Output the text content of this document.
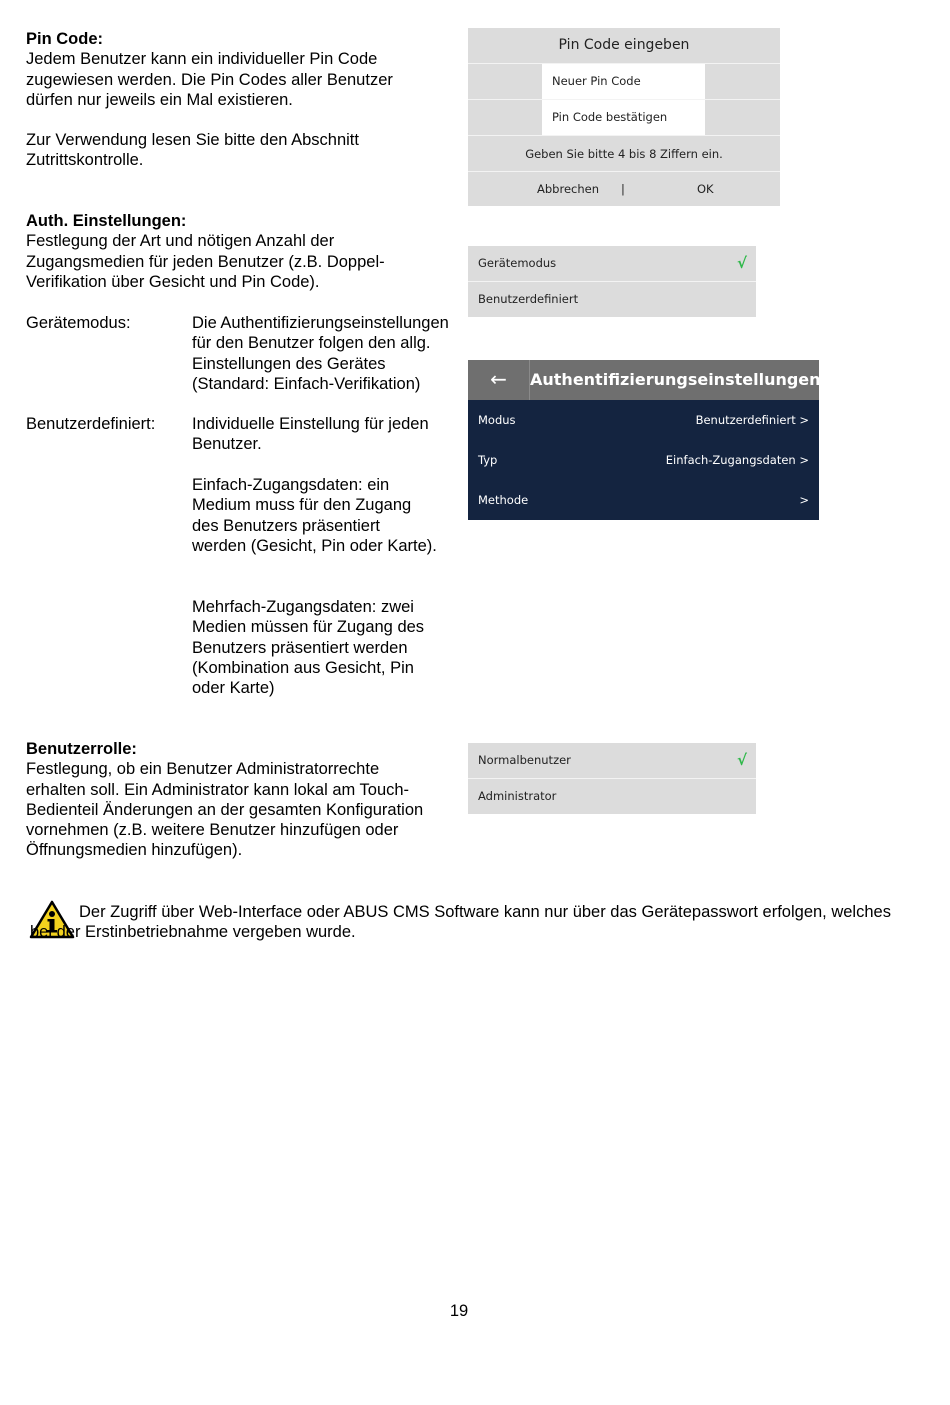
Pin Code:

Jedem Benutzer kann ein individueller Pin Code zugewiesen werden. Die Pin Codes aller Benutzer dürfen nur jeweils ein Mal existieren.

Zur Verwendung lesen Sie bitte den Abschnitt Zutrittskontrolle.

Pin Code eingeben
Neuer Pin Code
Pin Code bestätigen
Geben Sie bitte 4 bis 8 Ziffern ein.
Abbrechen |	OK

Auth. Einstellungen:

Festlegung der Art und nötigen Anzahl der Zugangsmedien für jeden Benutzer (z.B. Doppel-Verifikation über Gesicht und Pin Code).

Gerätemodus:	Die Authentifizierungseinstellungen für den Benutzer folgen den allg. Einstellungen des Gerätes (Standard: Einfach-Verifikation)
Benutzerdefiniert:	Individuelle Einstellung für jeden Benutzer.
Einfach-Zugangsdaten: ein Medium muss für den Zugang des Benutzers präsentiert werden (Gesicht, Pin oder Karte).
Mehrfach-Zugangsdaten: zwei Medien müssen für Zugang des Benutzers präsentiert werden (Kombination aus Gesicht, Pin oder Karte)
Gerätemodus	√
Benutzerdefiniert
←	Authentifizierungseinstellungen
Modus	Benutzerdefiniert >
Typ	Einfach-Zugangsdaten >
Methode	>

Benutzerrolle:

Festlegung, ob ein Benutzer Administratorrechte erhalten soll. Ein Administrator kann lokal am Touch-Bedienteil Änderungen an der gesamten Konfiguration vornehmen (z.B. weitere Benutzer hinzufügen oder Öffnungsmedien hinzufügen).

Normalbenutzer	√
Administrator
Der Zugriff über Web-Interface oder ABUS CMS Software kann nur über das Gerätepasswort erfolgen, welches bei der Erstinbetriebnahme vergeben wurde.
19
